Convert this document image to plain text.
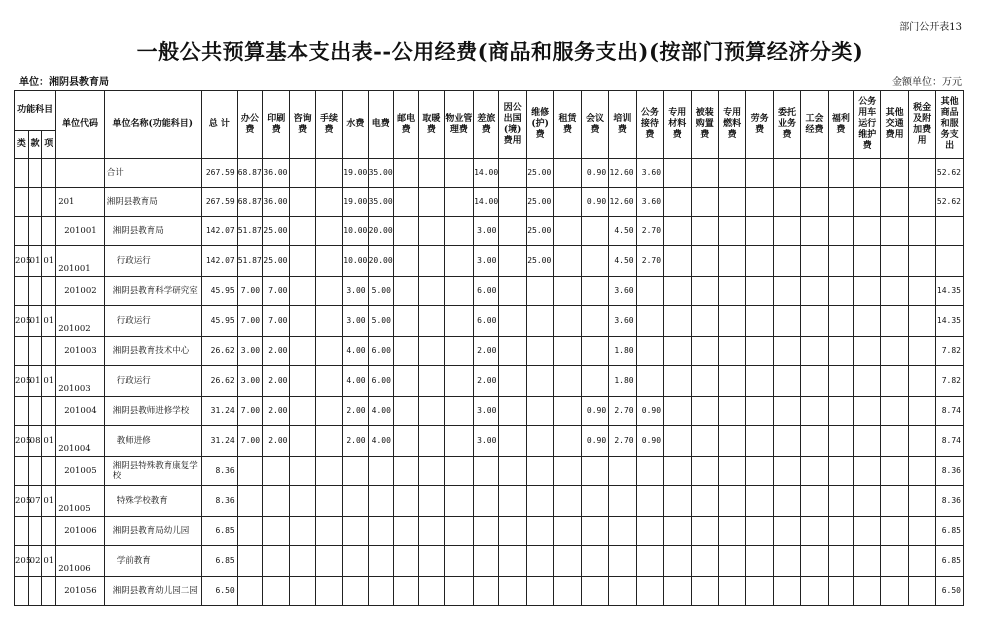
部门公开表13
一般公共预算基本支出表--公用经费(商品和服务支出)(按部门预算经济分类)
单位：湘阴县教育局	金额单位：万元
功能科目			单位代码	单位名称(功能科目)	总 计	办公费	印刷费	咨询费	手续费	水费	电费	邮电费	取暖费	物业管理费	差旅费	因公出国(境)费用	维修(护)费	租赁费	会议费	培训费	公务接待费	专用材料费	被装购置费	专用燃料费	劳务费	委托业务费	工会经费	福利费	公务用车运行维护费	其他交通费用	税金及附加费用	其他商品和服务支出
类	款	项																														
				合计	267.59	68.87	36.00			19.00	35.00				14.00		25.00		0.90	12.60	3.60											52.62
			201	湘阴县教育局	267.59	68.87	36.00			19.00	35.00				14.00		25.00		0.90	12.60	3.60											52.62
			201001	湘阴县教育局	142.07	51.87	25.00			10.00	20.00				3.00		25.00			4.50	2.70											
205	01	01	201001	行政运行	142.07	51.87	25.00			10.00	20.00				3.00		25.00			4.50	2.70											
			201002	湘阴县教育科学研究室	45.95	7.00	7.00			3.00	5.00				6.00					3.60												14.35
205	01	01	201002	行政运行	45.95	7.00	7.00			3.00	5.00				6.00					3.60												14.35
			201003	湘阴县教育技术中心	26.62	3.00	2.00			4.00	6.00				2.00					1.80												7.82
205	01	01	201003	行政运行	26.62	3.00	2.00			4.00	6.00				2.00					1.80												7.82
			201004	湘阴县教师进修学校	31.24	7.00	2.00			2.00	4.00				3.00				0.90	2.70	0.90											8.74
205	08	01	201004	教师进修	31.24	7.00	2.00			2.00	4.00				3.00				0.90	2.70	0.90											8.74
			201005	湘阴县特殊教育康复学校	8.36																											8.36
205	07	01	201005	特殊学校教育	8.36																											8.36
			201006	湘阴县教育局幼儿园	6.85																											6.85
205	02	01	201006	学前教育	6.85																											6.85
			201056	湘阴县教育幼儿园二园	6.50																											6.50
